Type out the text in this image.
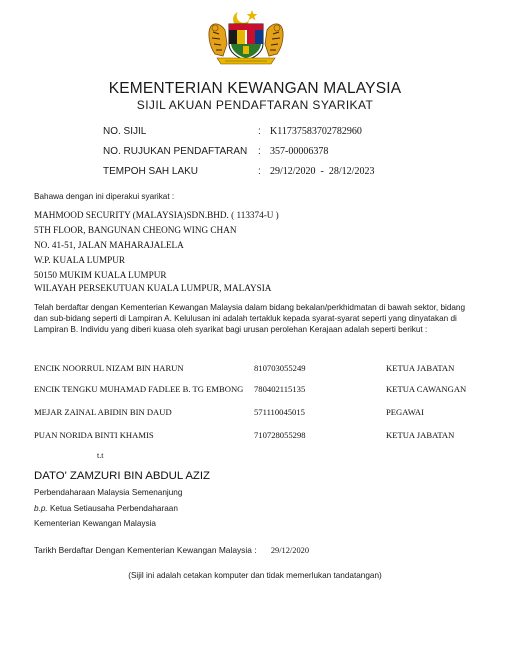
KEMENTERIAN KEWANGAN MALAYSIA
SIJIL AKUAN PENDAFTARAN SYARIKAT
NO. SIJIL	: K11737583702782960
NO. RUJUKAN PENDAFTARAN : 357-00006378
TEMPOH SAH LAKU	: 29/12/2020  -  28/12/2023
Bahawa dengan ini diperakui syarikat :
MAHMOOD SECURITY (MALAYSIA)SDN.BHD. ( 113374-U )
5TH FLOOR, BANGUNAN CHEONG WING CHAN
NO. 41-51, JALAN MAHARAJALELA
W.P. KUALA LUMPUR
50150 MUKIM KUALA LUMPUR
WILAYAH PERSEKUTUAN KUALA LUMPUR, MALAYSIA
Telah berdaftar dengan Kementerian Kewangan Malaysia dalam bidang bekalan/perkhidmatan di bawah sektor, bidang dan sub-bidang seperti di Lampiran A. Kelulusan ini adalah tertakluk kepada syarat-syarat seperti yang dinyatakan di Lampiran B. Individu yang diberi kuasa oleh syarikat bagi urusan perolehan Kerajaan adalah seperti berikut :
ENCIK NOORRUL NIZAM BIN HARUN	810703055249	KETUA JABATAN
ENCIK TENGKU MUHAMAD FADLEE B. TG EMBONG 780402115135	KETUA CAWANGAN
MEJAR ZAINAL ABIDIN BIN DAUD	571110045015	PEGAWAI
PUAN NORIDA BINTI KHAMIS	710728055298	KETUA JABATAN
t.t
DATO' ZAMZURI BIN ABDUL AZIZ
Perbendaharaan Malaysia Semenanjung
b.p. Ketua Setiausaha Perbendaharaan
Kementerian Kewangan Malaysia
Tarikh Berdaftar Dengan Kementerian Kewangan Malaysia : 29/12/2020
(Sijil ini adalah cetakan komputer dan tidak memerlukan tandatangan)
